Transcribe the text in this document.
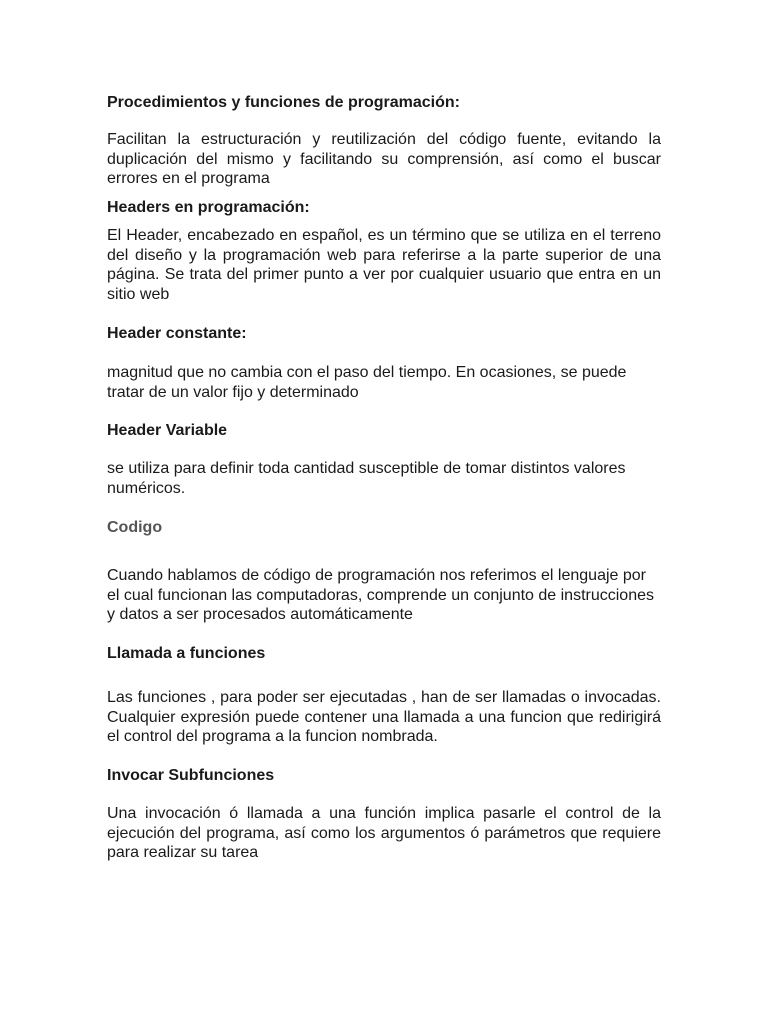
Procedimientos y funciones de programación:

Facilitan la estructuración y reutilización del código fuente, evitando la duplicación del mismo y facilitando su comprensión, así como el buscar errores en el programa

Headers en programación:

El Header, encabezado en español, es un término que se utiliza en el terreno del diseño y la programación web para referirse a la parte superior de una página. Se trata del primer punto a ver por cualquier usuario que entra en un sitio web

Header constante:

magnitud que no cambia con el paso del tiempo. En ocasiones, se puede tratar de un valor fijo y determinado

Header Variable

se utiliza para definir toda cantidad susceptible de tomar distintos valores numéricos.

Codigo

Cuando hablamos de código de programación nos referimos el lenguaje por el cual funcionan las computadoras, comprende un conjunto de instrucciones y datos a ser procesados automáticamente

Llamada a funciones

Las funciones , para poder ser ejecutadas , han de ser llamadas o invocadas. Cualquier expresión puede contener una llamada a una funcion que redirigirá el control del programa a la funcion nombrada.

Invocar Subfunciones

Una invocación ó llamada a una función implica pasarle el control de la ejecución del programa, así como los argumentos ó parámetros que requiere para realizar su tarea
